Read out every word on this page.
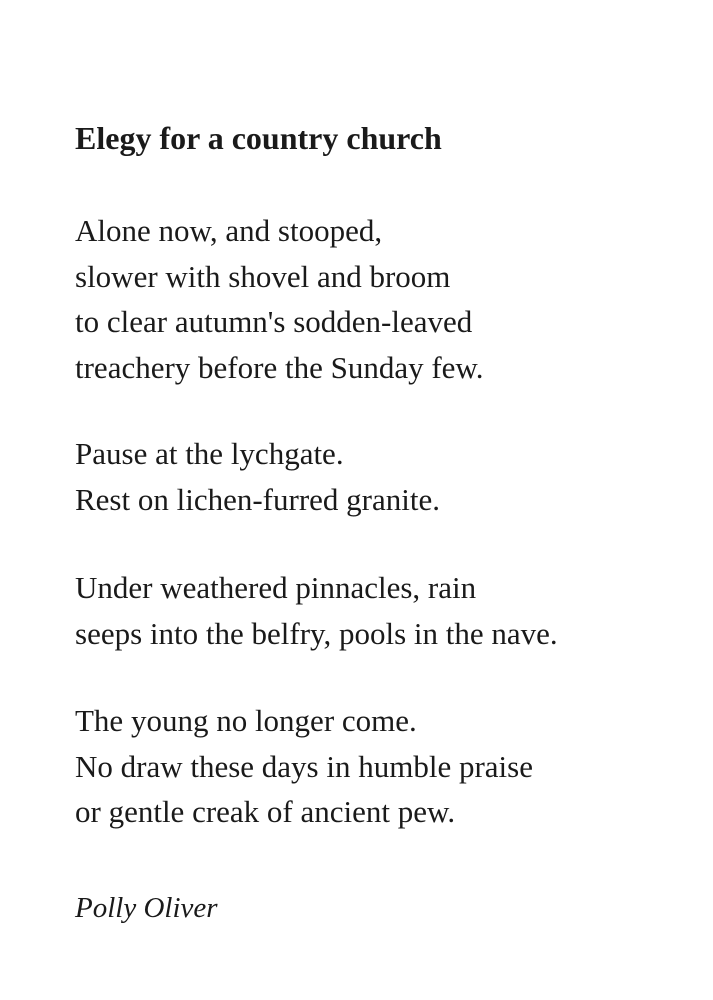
Elegy for a country church

Alone now, and stooped,
slower with shovel and broom
to clear autumn's sodden-leaved
treachery before the Sunday few.

Pause at the lychgate.
Rest on lichen-furred granite.

Under weathered pinnacles, rain
seeps into the belfry, pools in the nave.

The young no longer come.
No draw these days in humble praise
or gentle creak of ancient pew.

Polly Oliver
